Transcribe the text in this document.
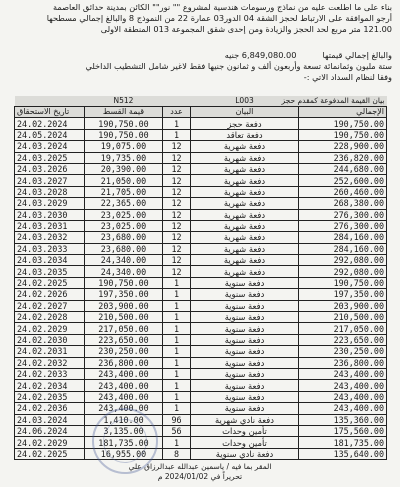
بناء على ما اطلعت عليه من نماذج ورسومات هندسية لمشروع "" نور"" الكائن بمدينة حدائق العاصمة
أرجو الموافقة على الارتباط لحجز الشقة 04 الدور03 عمارة 22 من النموذج 8 والبالغ إجمالي مسطحها
121.00 متر مربع لحد الحجز والزيادة ومن إحدى شقق المجموعة 013 المنطقة الاولى
والبالغ إجمالي قيمتها          6,849,080.00 جنيه
ستة مليون وثمانمائة تسعة وأربعون ألف و ثمانون جنيها فقط لاغير شامل التشطيب الداخلي
وفقا لنظام السداد الاتي :-
	N512		L003	بيان القيمة المدفوعة كمقدم حجز
تاريخ الاستحقاق	قيمة القسط	عدد	البيان	الإجمالي
24.02.2024	190,750.00	1	دفعة حجز	190,750.00
24.05.2024	190,750.00	1	دفعة تعاقد	190,750.00
24.03.2024	19,075.00	12	دفعة شهرية	228,900.00
24.03.2025	19,735.00	12	دفعة شهرية	236,820.00
24.03.2026	20,390.00	12	دفعة شهرية	244,680.00
24.03.2027	21,050.00	12	دفعة شهرية	252,600.00
24.03.2028	21,705.00	12	دفعة شهرية	260,460.00
24.03.2029	22,365.00	12	دفعة شهرية	268,380.00
24.03.2030	23,025.00	12	دفعة شهرية	276,300.00
24.03.2031	23,025.00	12	دفعة شهرية	276,300.00
24.03.2032	23,680.00	12	دفعة شهرية	284,160.00
24.03.2033	23,680.00	12	دفعة شهرية	284,160.00
24.03.2034	24,340.00	12	دفعة شهرية	292,080.00
24.03.2035	24,340.00	12	دفعة شهرية	292,080.00
24.02.2025	190,750.00	1	دفعة سنوية	190,750.00
24.02.2026	197,350.00	1	دفعة سنوية	197,350.00
24.02.2027	203,900.00	1	دفعة سنوية	203,900.00
24.02.2028	210,500.00	1	دفعة سنوية	210,500.00
24.02.2029	217,050.00	1	دفعة سنوية	217,050.00
24.02.2030	223,650.00	1	دفعة سنوية	223,650.00
24.02.2031	230,250.00	1	دفعة سنوية	230,250.00
24.02.2032	236,800.00	1	دفعة سنوية	236,800.00
24.02.2033	243,400.00	1	دفعة سنوية	243,400.00
24.02.2034	243,400.00	1	دفعة سنوية	243,400.00
24.02.2035	243,400.00	1	دفعة سنوية	243,400.00
24.02.2036	243,400.00	1	دفعة سنوية	243,400.00
24.03.2024	1,410.00	96	دفعة نادي شهرية	135,360.00
24.06.2024	3,135.00	56	تأمين وحدات	175,560.00
24.02.2029	181,735.00	1	تأمين وحدات	181,735.00
24.02.2025	16,955.00	8	دفعة نادي سنوية	135,640.00
المقر بما فيه / ياسمين عبدالله عبدالرزاق علي
تحريراً في 2024/01/02 م
